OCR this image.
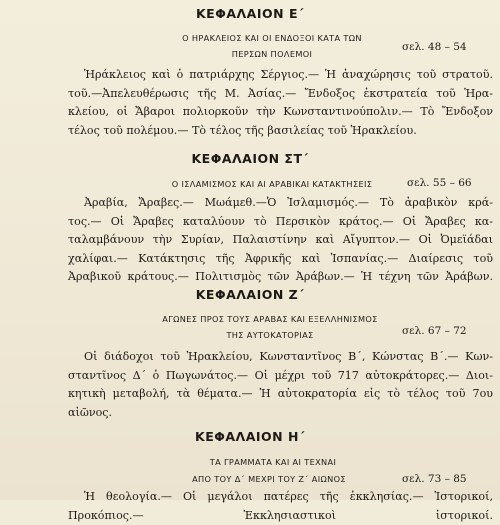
ΚΕΦΑΛΑΙΟΝ Ε΄
Ο ΗΡΑΚΛΕΙΟΣ ΚΑΙ ΟΙ ΕΝΔΟΞΟΙ ΚΑΤΑ ΤΩΝ
ΠΕΡΣΩΝ ΠΟΛΕΜΟΙ
σελ. 48 – 54
Ἡράκλειος καὶ ὁ πατριάρχης Σέργιος.— Ἡ ἀναχώρησις τοῦ στρατοῦ.
τοῦ.—Ἀπελευθέρωσις τῆς Μ. Ἀσίας.— Ἔνδοξος ἐκστρατεία τοῦ Ἡρα-
κλείου, οἱ Ἄβαροι πολιορκοῦν τὴν Κωνσταντινούπολιν.— Τὸ Ἔνδοξον
τέλος τοῦ πολέμου.— Τὸ τέλος τῆς βασιλείας τοῦ Ἡρακλείου.
ΚΕΦΑΛΑΙΟΝ ΣΤ΄
Ο ΙΣΛΑΜΙΣΜΟΣ ΚΑΙ ΑΙ ΑΡΑΒΙΚΑΙ ΚΑΤΑΚΤΗΣΕΙΣ	σελ. 55 – 66
Ἀραβία, Ἄραβες.— Μωάμεθ.—Ὁ Ἰσλαμισμός.— Τὸ ἀραβικὸν κρά-
τος.— Οἱ Ἄραβες καταλύουν τὸ Περσικὸν κράτος.— Οἱ Ἄραβες κα-
ταλαμβάνουν τὴν Συρίαν, Παλαιστίνην καὶ Αἴγυπτον.— Οἱ Ὀμεϊάδαι
χαλίφαι.— Κατάκτησις τῆς Ἀφρικῆς καὶ Ἰσπανίας.— Διαίρεσις τοῦ
Ἀραβικοῦ κράτους.— Πολιτισμὸς τῶν Ἀράβων.— Ἡ τέχνη τῶν Ἀράβων.
ΚΕΦΑΛΑΙΟΝ Ζ΄
ΑΓΩΝΕΣ ΠΡΟΣ ΤΟΥΣ ΑΡΑΒΑΣ ΚΑΙ ΕΞΕΛΛΗΝΙΣΜΟΣ
ΤΗΣ ΑΥΤΟΚΑΤΟΡΙΑΣ	σελ. 67 – 72
Οἱ διάδοχοι τοῦ Ἡρακλείου, Κωνσταντῖνος Β΄, Κώνστας Β΄.— Κων-
σταντῖνος Δ΄ ὁ Πωγωνάτος.— Οἱ μέχρι τοῦ 717 αὐτοκράτορες.— Διοι-
κητικὴ μεταβολή, τὰ θέματα.— Ἡ αὐτοκρατορία εἰς τὸ τέλος τοῦ 7ου
αἰῶνος.
ΚΕΦΑΛΑΙΟΝ Η΄
ΤΑ ΓΡΑΜΜΑΤΑ ΚΑΙ ΑΙ ΤΕΧΝΑΙ
ΑΠΟ ΤΟΥ Δ΄ ΜΕΧΡΙ ΤΟΥ Ζ΄ ΑΙΩΝΟΣ	σελ. 73 – 85
Ἡ θεολογία.— Οἱ μεγάλοι πατέρες τῆς ἐκκλησίας.— Ἱστορικοί,
Προκόπιος.— Ἐκκλησιαστικοὶ ἱστορικοί.
